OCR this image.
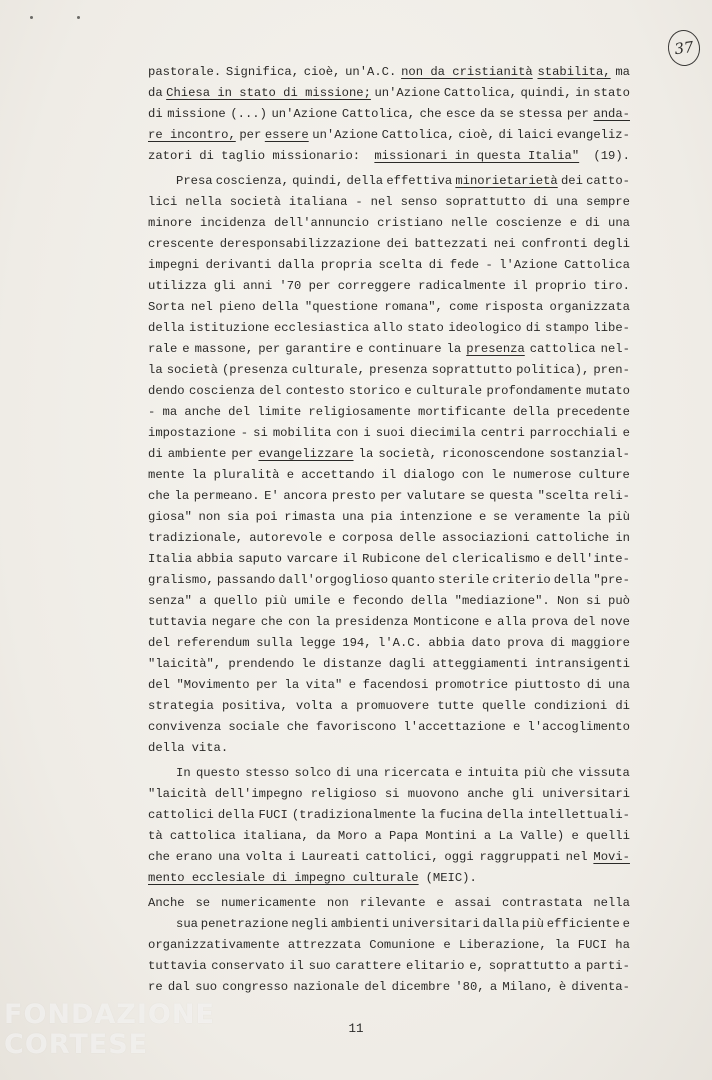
37
pastorale. Significa, cioè, un'A.C. non da cristianità stabilita, ma
da Chiesa in stato di missione; un'Azione Cattolica, quindi, in stato
di missione (...) un'Azione Cattolica, che esce da se stessa per anda-
re incontro, per essere un'Azione Cattolica, cioè, di laici evangeliz-
zatori di taglio missionario: missionari in questa Italia" (19).
Presa coscienza, quindi, della effettiva minorietarietà dei catto-
lici nella società italiana - nel senso soprattutto di una sempre
minore incidenza dell'annuncio cristiano nelle coscienze e di una
crescente deresponsabilizzazione dei battezzati nei confronti degli
impegni derivanti dalla propria scelta di fede - l'Azione Cattolica
utilizza gli anni '70 per correggere radicalmente il proprio tiro.
Sorta nel pieno della "questione romana", come risposta organizzata
della istituzione ecclesiastica allo stato ideologico di stampo libe-
rale e massone, per garantire e continuare la presenza cattolica nel-
la società (presenza culturale, presenza soprattutto politica), pren-
dendo coscienza del contesto storico e culturale profondamente mutato
- ma anche del limite religiosamente mortificante della precedente
impostazione - si mobilita con i suoi diecimila centri parrocchiali e
di ambiente per evangelizzare la società, riconoscendone sostanzial-
mente la pluralità e accettando il dialogo con le numerose culture
che la permeano. E' ancora presto per valutare se questa "scelta reli-
giosa" non sia poi rimasta una pia intenzione e se veramente la più
tradizionale, autorevole e corposa delle associazioni cattoliche in
Italia abbia saputo varcare il Rubicone del clericalismo e dell'inte-
gralismo, passando dall'orgoglioso quanto sterile criterio della "pre-
senza" a quello più umile e fecondo della "mediazione". Non si può
tuttavia negare che con la presidenza Monticone e alla prova del nove
del referendum sulla legge 194, l'A.C. abbia dato prova di maggiore
"laicità", prendendo le distanze dagli atteggiamenti intransigenti
del "Movimento per la vita" e facendosi promotrice piuttosto di una
strategia positiva, volta a promuovere tutte quelle condizioni di
convivenza sociale che favoriscono l'accettazione e l'accoglimento
della vita.
In questo stesso solco di una ricercata e intuita più che vissuta
"laicità dell'impegno religioso si muovono anche gli universitari
cattolici della FUCI (tradizionalmente la fucina della intellettuali-
tà cattolica italiana, da Moro a Papa Montini a La Valle) e quelli
che erano una volta i Laureati cattolici, oggi raggruppati nel Movi-
mento ecclesiale di impegno culturale (MEIC).
Anche se numericamente non rilevante e assai contrastata nella
sua penetrazione negli ambienti universitari dalla più efficiente e
organizzativamente attrezzata Comunione e Liberazione, la FUCI ha
tuttavia conservato il suo carattere elitario e, soprattutto a parti-
re dal suo congresso nazionale del dicembre '80, a Milano, è diventa-
11
FONDAZIONE CORTESE
